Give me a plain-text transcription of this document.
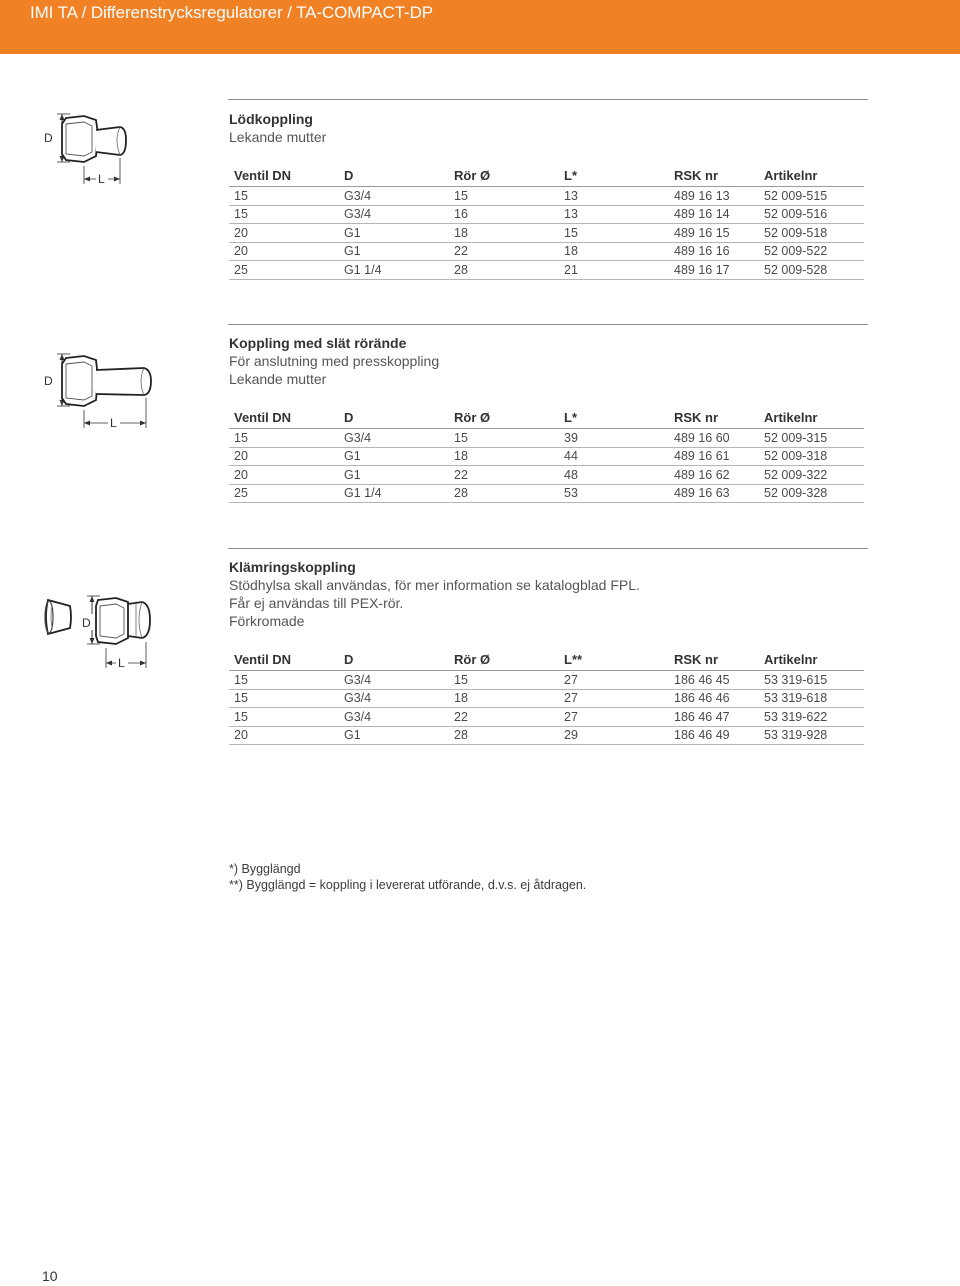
IMI TA / Differenstrycksregulatorer / TA-COMPACT-DP
Lödkoppling
Lekande mutter
D
L	Ventil DN	D	Rör Ø	L*	RSK nr	Artikelnr
15	G3/4	15	13	489 16 13	52 009-515
15	G3/4	16	13	489 16 14	52 009-516
20	G1	18	15	489 16 15	52 009-518
20	G1	22	18	489 16 16	52 009-522
25	G1 1/4	28	21	489 16 17	52 009-528
Koppling med slät rörände
För anslutning med presskoppling
Lekande mutter
D
L	Ventil DN	D	Rör Ø	L*	RSK nr	Artikelnr
15	G3/4	15	39	489 16 60	52 009-315
20	G1	18	44	489 16 61	52 009-318
20	G1	22	48	489 16 62	52 009-322
25	G1 1/4	28	53	489 16 63	52 009-328
Klämringskoppling
Stödhylsa skall användas, för mer information se katalogblad FPL.
Får ej användas till PEX-rör.
Förkromade
D
L	Ventil DN	D	Rör Ø	L**	RSK nr	Artikelnr
15	G3/4	15	27	186 46 45	53 319-615
15	G3/4	18	27	186 46 46	53 319-618
15	G3/4	22	27	186 46 47	53 319-622
20	G1	28	29	186 46 49	53 319-928
*) Bygglängd
**) Bygglängd = koppling i levererat utförande, d.v.s. ej åtdragen.
10
